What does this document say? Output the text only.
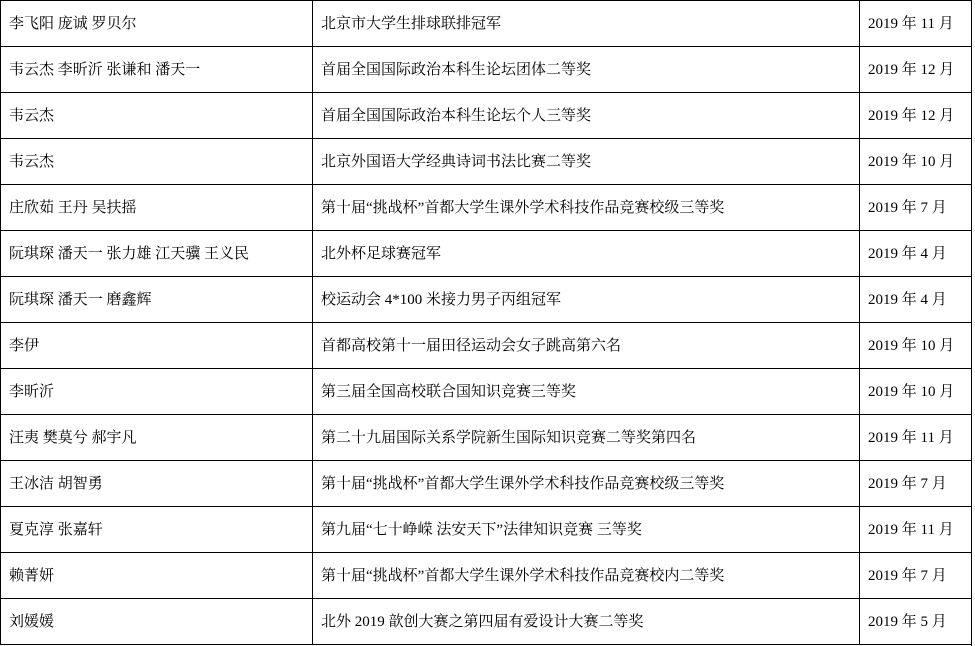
李飞阳 庞诚 罗贝尔	北京市大学生排球联排冠军	2019 年 11 月
韦云杰 李昕沂 张谦和 潘天一	首届全国国际政治本科生论坛团体二等奖	2019 年 12 月
韦云杰	首届全国国际政治本科生论坛个人三等奖	2019 年 12 月
韦云杰	北京外国语大学经典诗词书法比赛二等奖	2019 年 10 月
庄欣茹 王丹 吴扶摇	第十届“挑战杯”首都大学生课外学术科技作品竞赛校级三等奖	2019 年 7 月
阮琪琛 潘天一 张力雄 江天骥 王义民	北外杯足球赛冠军	2019 年 4 月
阮琪琛 潘天一 磨鑫辉	校运动会 4*100 米接力男子丙组冠军	2019 年 4 月
李伊	首都高校第十一届田径运动会女子跳高第六名	2019 年 10 月
李昕沂	第三届全国高校联合国知识竞赛三等奖	2019 年 10 月
汪夷 樊莫兮 郝宇凡	第二十九届国际关系学院新生国际知识竞赛二等奖第四名	2019 年 11 月
王冰洁 胡智勇	第十届“挑战杯”首都大学生课外学术科技作品竞赛校级三等奖	2019 年 7 月
夏克淳 张嘉轩	第九届“七十峥嵘 法安天下”法律知识竞赛 三等奖	2019 年 11 月
赖菁妍	第十届“挑战杯”首都大学生课外学术科技作品竞赛校内二等奖	2019 年 7 月
刘媛媛	北外 2019 歆创大赛之第四届有爱设计大赛二等奖	2019 年 5 月
